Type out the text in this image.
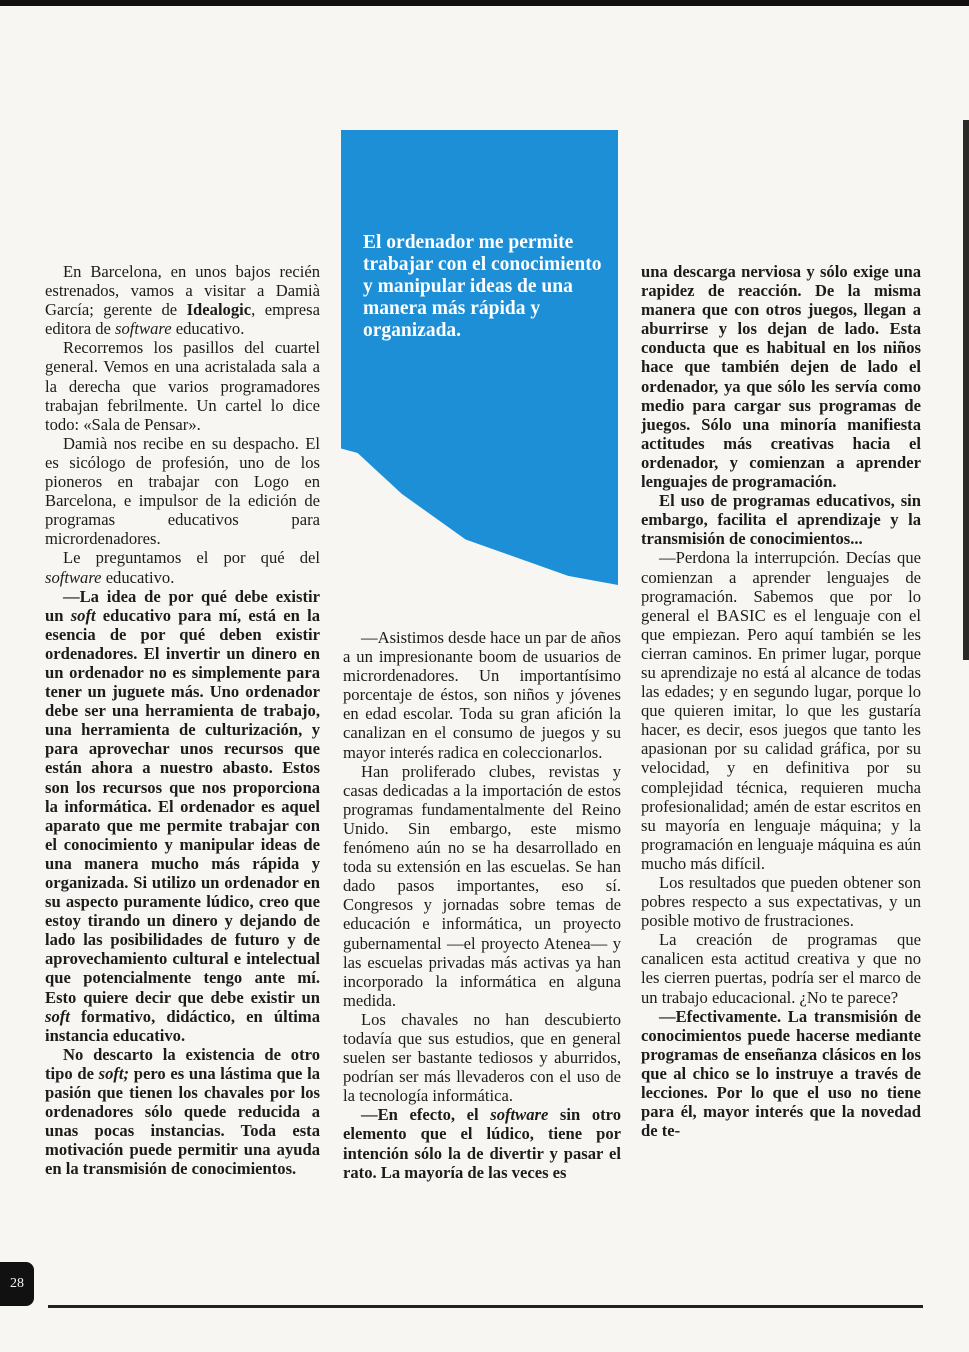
En Barcelona, en unos bajos recién estrenados, vamos a visitar a Damià García; gerente de Idealogic, empresa editora de software educativo.

Recorremos los pasillos del cuartel general. Vemos en una acristalada sala a la derecha que varios programadores trabajan febrilmente. Un cartel lo dice todo: «Sala de Pensar».

Damià nos recibe en su despacho. El es sicólogo de profesión, uno de los pioneros en trabajar con Logo en Barcelona, e impulsor de la edición de programas educativos para micrordenadores.

Le preguntamos el por qué del software educativo.

—La idea de por qué debe existir un soft educativo para mí, está en la esencia de por qué deben existir ordenadores. El invertir un dinero en un ordenador no es simplemente para tener un juguete más. Uno ordenador debe ser una herramienta de trabajo, una herramienta de culturización, y para aprovechar unos recursos que están ahora a nuestro abasto. Estos son los recursos que nos proporciona la informática. El ordenador es aquel aparato que me permite trabajar con el conocimiento y manipular ideas de una manera mucho más rápida y organizada. Si utilizo un ordenador en su aspecto puramente lúdico, creo que estoy tirando un dinero y dejando de lado las posibilidades de futuro y de aprovechamiento cultural e intelectual que potencialmente tengo ante mí. Esto quiere decir que debe existir un soft formativo, didáctico, en última instancia educativo.

No descarto la existencia de otro tipo de soft; pero es una lástima que la pasión que tienen los chavales por los ordenadores sólo quede reducida a unas pocas instancias. Toda esta motivación puede permitir una ayuda en la transmisión de conocimientos.

El ordenador me permite trabajar con el conocimiento y manipular ideas de una manera más rápida y organizada.

—Asistimos desde hace un par de años a un impresionante boom de usuarios de micrordenadores. Un importantísimo porcentaje de éstos, son niños y jóvenes en edad escolar. Toda su gran afición la canalizan en el consumo de juegos y su mayor interés radica en coleccionarlos.

Han proliferado clubes, revistas y casas dedicadas a la importación de estos programas fundamentalmente del Reino Unido. Sin embargo, este mismo fenómeno aún no se ha desarrollado en toda su extensión en las escuelas. Se han dado pasos importantes, eso sí. Congresos y jornadas sobre temas de educación e informática, un proyecto gubernamental —el proyecto Atenea— y las escuelas privadas más activas ya han incorporado la informática en alguna medida.

Los chavales no han descubierto todavía que sus estudios, que en general suelen ser bastante tediosos y aburridos, podrían ser más llevaderos con el uso de la tecnología informática.

—En efecto, el software sin otro elemento que el lúdico, tiene por intención sólo la de divertir y pasar el rato. La mayoría de las veces es

una descarga nerviosa y sólo exige una rapidez de reacción. De la misma manera que con otros juegos, llegan a aburrirse y los dejan de lado. Esta conducta que es habitual en los niños hace que también dejen de lado el ordenador, ya que sólo les servía como medio para cargar sus programas de juegos. Sólo una minoría manifiesta actitudes más creativas hacia el ordenador, y comienzan a aprender lenguajes de programación.

El uso de programas educativos, sin embargo, facilita el aprendizaje y la transmisión de conocimientos...

—Perdona la interrupción. Decías que comienzan a aprender lenguajes de programación. Sabemos que por lo general el BASIC es el lenguaje con el que empiezan. Pero aquí también se les cierran caminos. En primer lugar, porque su aprendizaje no está al alcance de todas las edades; y en segundo lugar, porque lo que quieren imitar, lo que les gustaría hacer, es decir, esos juegos que tanto les apasionan por su calidad gráfica, por su velocidad, y en definitiva por su complejidad técnica, requieren mucha profesionalidad; amén de estar escritos en su mayoría en lenguaje máquina; y la programación en lenguaje máquina es aún mucho más difícil.

Los resultados que pueden obtener son pobres respecto a sus expectativas, y un posible motivo de frustraciones.

La creación de programas que canalicen esta actitud creativa y que no les cierren puertas, podría ser el marco de un trabajo educacional. ¿No te parece?

—Efectivamente. La transmisión de conocimientos puede hacerse mediante programas de enseñanza clásicos en los que al chico se lo instruye a través de lecciones. Por lo que el uso no tiene para él, mayor interés que la novedad de te-

28
